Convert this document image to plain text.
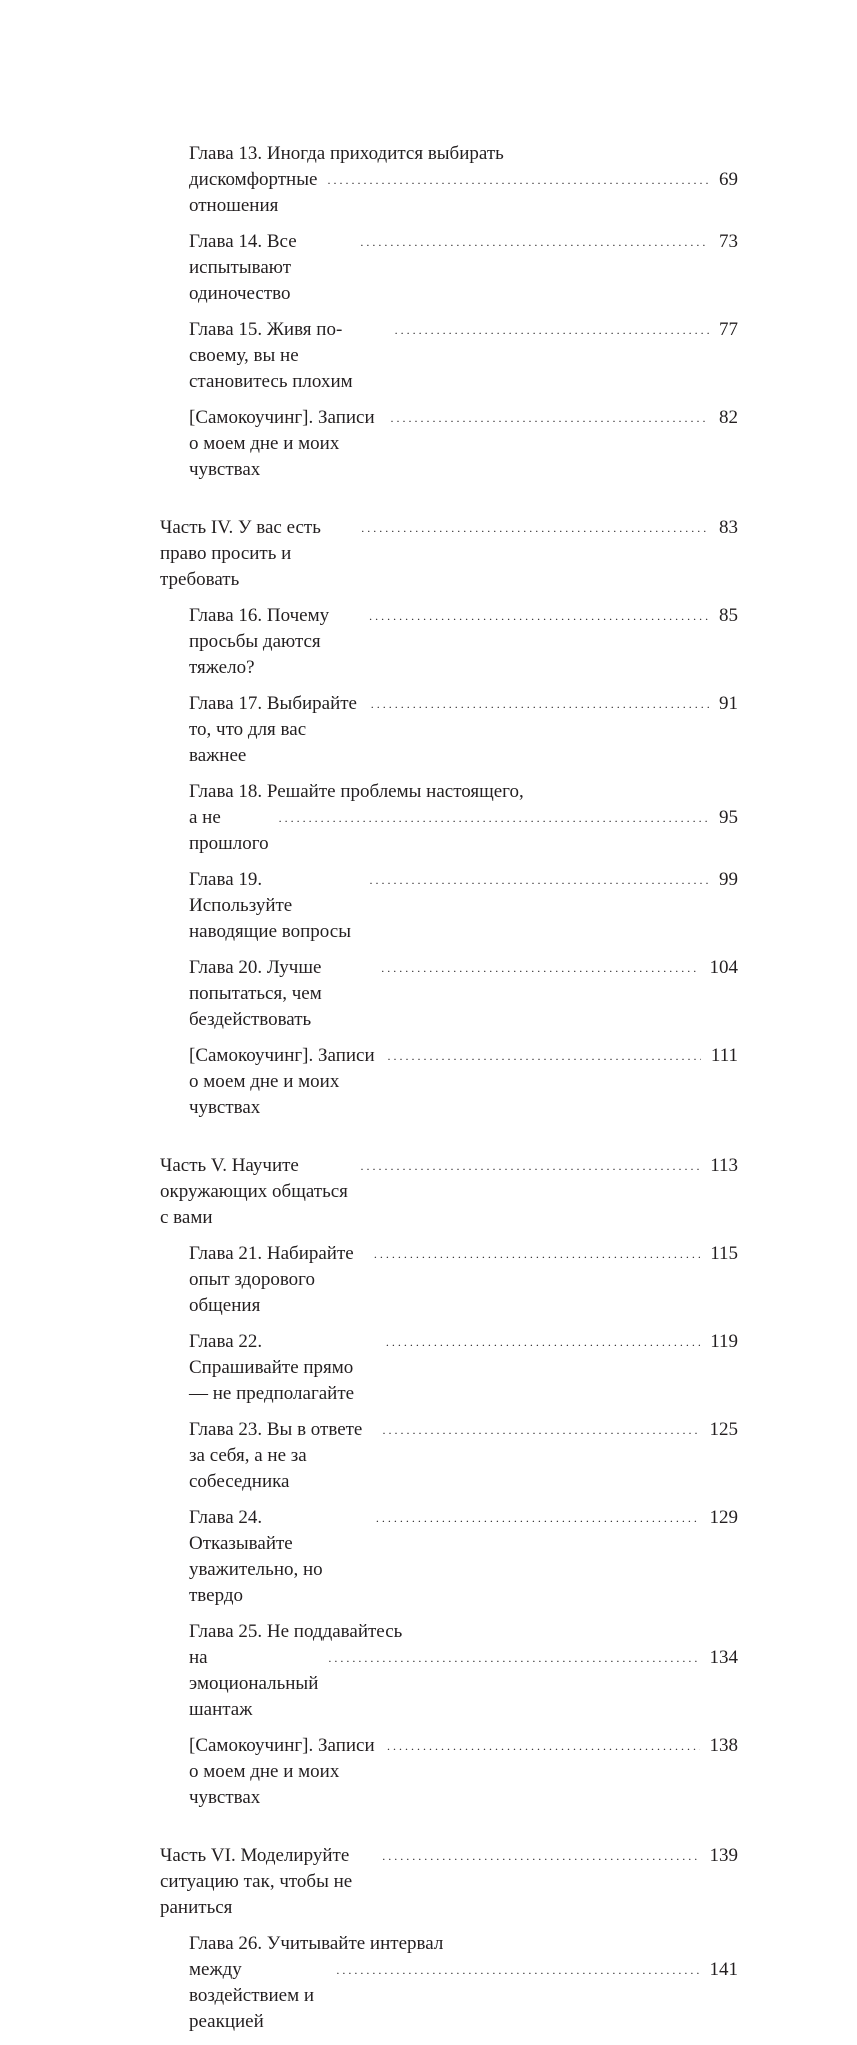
Глава 13. Иногда приходится выбирать
дискомфортные отношения
. . .
69
Глава 14. Все испытывают одиночество
. . .
73
Глава 15. Живя по-своему, вы не становитесь плохим
. . .
77
[Самокоучинг]. Записи о моем дне и моих чувствах
. . .
82
Часть IV. У вас есть право просить и требовать
. . .
83
Глава 16. Почему просьбы даются тяжело?
. . .
85
Глава 17. Выбирайте то, что для вас важнее
. . .
91
Глава 18. Решайте проблемы настоящего,
а не прошлого
. . .
95
Глава 19. Используйте наводящие вопросы
. . .
99
Глава 20. Лучше попытаться, чем бездействовать
. . .
104
[Самокоучинг]. Записи о моем дне и моих чувствах
. . .
111
Часть V. Научите окружающих общаться с вами
. . .
113
Глава 21. Набирайте опыт здорового общения
. . .
115
Глава 22. Спрашивайте прямо — не предполагайте
. . .
119
Глава 23. Вы в ответе за себя, а не за собеседника
. . .
125
Глава 24. Отказывайте уважительно, но твердо
. . .
129
Глава 25. Не поддавайтесь
на эмоциональный шантаж
. . .
134
[Самокоучинг]. Записи о моем дне и моих чувствах
. . .
138
Часть VI. Моделируйте ситуацию так, чтобы не раниться
. . .
139
Глава 26. Учитывайте интервал
между воздействием и реакцией
. . .
141
